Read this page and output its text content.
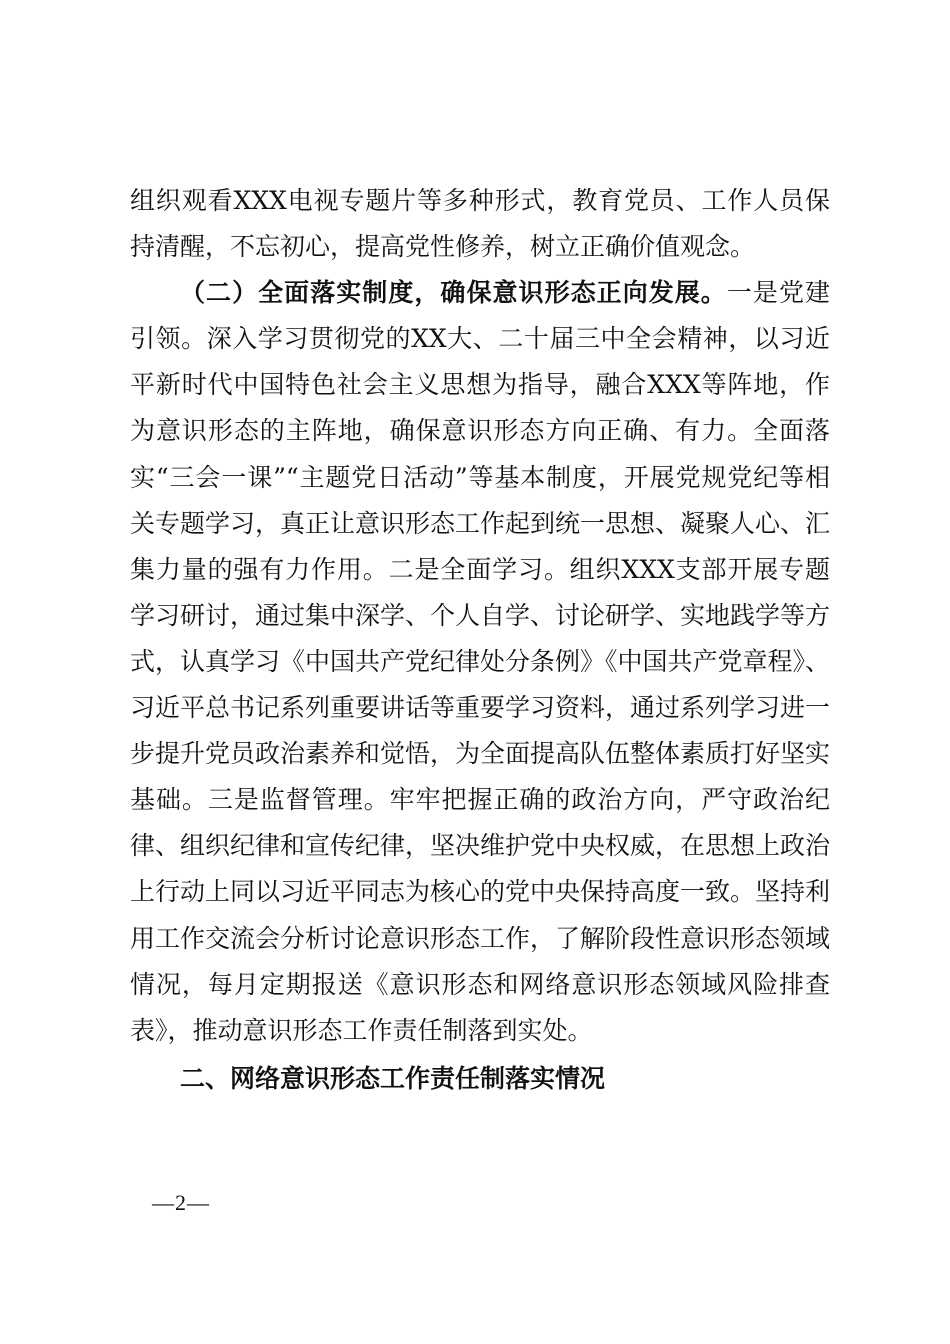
组织观看XXX电视专题片等多种形式，教育党员、工作人员保持清醒，不忘初心，提高党性修养，树立正确价值观念。

（二）全面落实制度，确保意识形态正向发展。一是党建引领。深入学习贯彻党的XX大、二十届三中全会精神，以习近平新时代中国特色社会主义思想为指导，融合XXX等阵地，作为意识形态的主阵地，确保意识形态方向正确、有力。全面落实“三会一课”“主题党日活动”等基本制度，开展党规党纪等相关专题学习，真正让意识形态工作起到统一思想、凝聚人心、汇集力量的强有力作用。二是全面学习。组织XXX支部开展专题学习研讨，通过集中深学、个人自学、讨论研学、实地践学等方式，认真学习《中国共产党纪律处分条例》《中国共产党章程》、习近平总书记系列重要讲话等重要学习资料，通过系列学习进一步提升党员政治素养和觉悟，为全面提高队伍整体素质打好坚实基础。三是监督管理。牢牢把握正确的政治方向，严守政治纪律、组织纪律和宣传纪律，坚决维护党中央权威，在思想上政治上行动上同以习近平同志为核心的党中央保持高度一致。坚持利用工作交流会分析讨论意识形态工作，了解阶段性意识形态领域情况，每月定期报送《意识形态和网络意识形态领域风险排查表》，推动意识形态工作责任制落到实处。

二、网络意识形态工作责任制落实情况

—2—
